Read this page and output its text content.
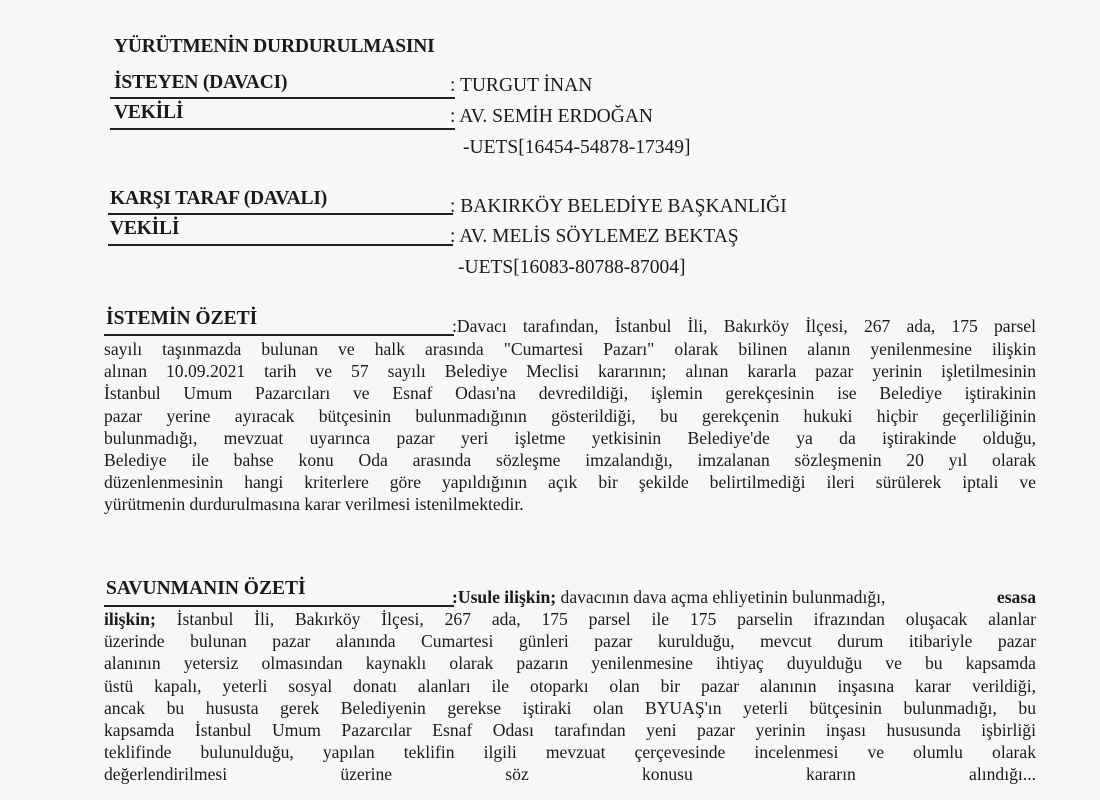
YÜRÜTMENİN DURDURULMASINI
İSTEYEN (DAVACI)	: TURGUT İNAN
VEKİLİ	: AV. SEMİH ERDOĞAN
-UETS[16454-54878-17349]
KARŞI TARAF (DAVALI)	: BAKIRKÖY BELEDİYE BAŞKANLIĞI
VEKİLİ	: AV. MELİS SÖYLEMEZ BEKTAŞ
-UETS[16083-80788-87004]
İSTEMİN ÖZETİ	:Davacı tarafından, İstanbul İli, Bakırköy İlçesi, 267 ada, 175 parsel
sayılı taşınmazda bulunan ve halk arasında "Cumartesi Pazarı" olarak bilinen alanın yenilenmesine ilişkin
alınan 10.09.2021 tarih ve 57 sayılı Belediye Meclisi kararının; alınan kararla pazar yerinin işletilmesinin
İstanbul Umum Pazarcıları ve Esnaf Odası'na devredildiği, işlemin gerekçesinin ise Belediye iştirakinin
pazar yerine ayıracak bütçesinin bulunmadığının gösterildiği, bu gerekçenin hukuki hiçbir geçerliliğinin
bulunmadığı, mevzuat uyarınca pazar yeri işletme yetkisinin Belediye'de ya da iştirakinde olduğu,
Belediye ile bahse konu Oda arasında sözleşme imzalandığı, imzalanan sözleşmenin 20 yıl olarak
düzenlenmesinin hangi kriterlere göre yapıldığının açık bir şekilde belirtilmediği ileri sürülerek iptali ve
yürütmenin durdurulmasına karar verilmesi istenilmektedir.
SAVUNMANIN ÖZETİ	:Usule ilişkin; davacının dava açma ehliyetinin bulunmadığı,	esasa
ilişkin; İstanbul İli, Bakırköy İlçesi, 267 ada, 175 parsel ile 175 parselin ifrazından oluşacak alanlar
üzerinde bulunan pazar alanında Cumartesi günleri pazar kurulduğu, mevcut durum itibariyle pazar
alanının yetersiz olmasından kaynaklı olarak pazarın yenilenmesine ihtiyaç duyulduğu ve bu kapsamda
üstü kapalı, yeterli sosyal donatı alanları ile otoparkı olan bir pazar alanının inşasına karar verildiği,
ancak bu hususta gerek Belediyenin gerekse iştiraki olan BYUAŞ'ın yeterli bütçesinin bulunmadığı, bu
kapsamda İstanbul Umum Pazarcılar Esnaf Odası tarafından yeni pazar yerinin inşası hususunda işbirliği
teklifinde bulunulduğu, yapılan teklifin ilgili mevzuat çerçevesinde incelenmesi ve olumlu olarak
değerlendirilmesi üzerine söz konusu kararın alındığı...
